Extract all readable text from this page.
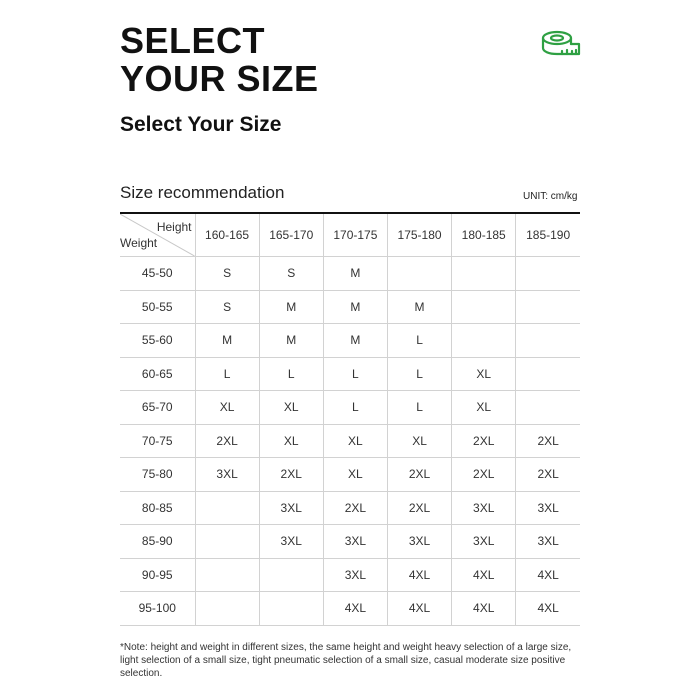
SELECT
YOUR SIZE
Select Your Size
Size recommendation	UNIT: cm/kg
Height
Weight	160-165	165-170	170-175	175-180	180-185	185-190
45-50	S	S	M			
50-55	S	M	M	M		
55-60	M	M	M	L		
60-65	L	L	L	L	XL	
65-70	XL	XL	L	L	XL	
70-75	2XL	XL	XL	XL	2XL	2XL
75-80	3XL	2XL	XL	2XL	2XL	2XL
80-85		3XL	2XL	2XL	3XL	3XL
85-90		3XL	3XL	3XL	3XL	3XL
90-95			3XL	4XL	4XL	4XL
95-100			4XL	4XL	4XL	4XL

*Note: height and weight in different sizes, the same height and weight heavy selection of a large size, light selection of a small size, tight pneumatic selection of a small size, casual moderate size positive selection.
